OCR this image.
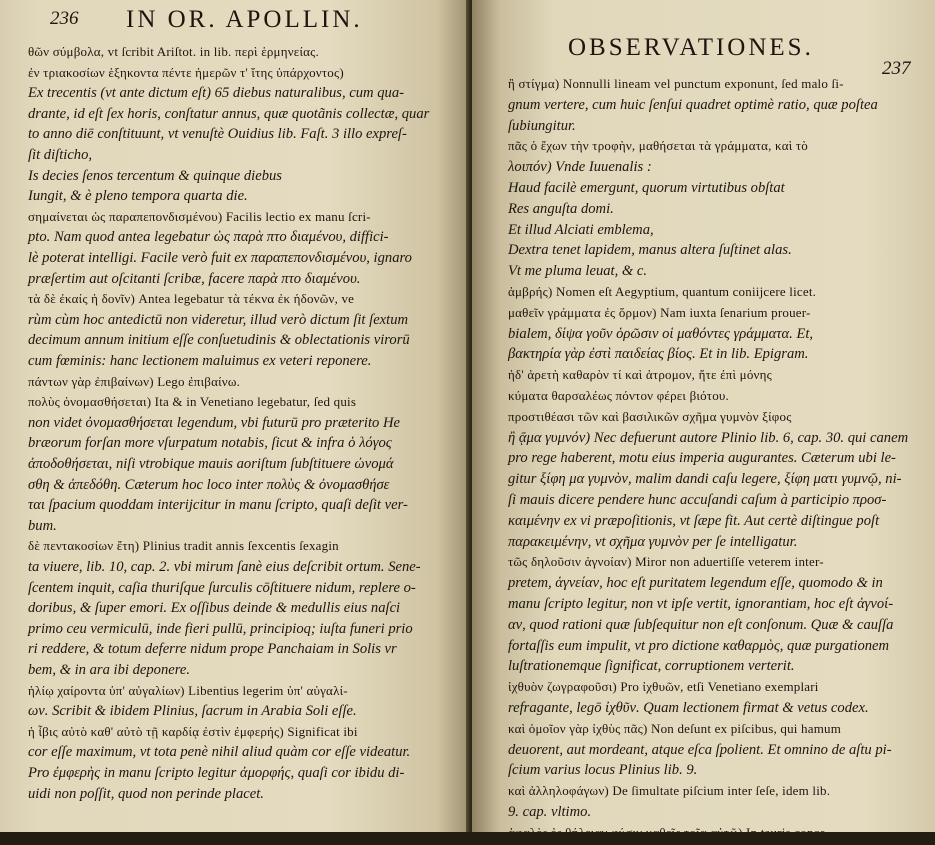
236 IN OR. APOLLIN.
θῶν σύμβολα, vt ſcribit Ariſtot. in lib. περὶ ἑρμηνείας.
ἐν τριακοσίων ἑξηκοντα πέντε ἡμερῶν τ' ἴτης ὑπάρχοντος)
Ex trecentis (vt ante dictum eſt) 65 diebus naturalibus, cum qua-
drante, id eſt ſex horis, conſtatur annus, quæ quotãnis collectæ, quar
to anno diē conſtituunt, vt venuſtè Ouidius lib. Faſt. 3 illo expreſ-
ſit diſticho,
Is decies ſenos tercentum & quinque diebus
Iungit, & è pleno tempora quarta die.
σημαίνεται ὡς παραπεπονδισμένου) Facilis lectio ex manu ſcri-
pto. Nam quod antea legebatur ὡς παρὰ πτο διαμένου, diffici-
lè poterat intelligi. Facile verò fuit ex παραπεπονδισμένου, ignaro
præſertim aut oſcitanti ſcribæ, facere παρὰ πτο διαμένου.
τὰ δὲ ἐκαίς ἡ δονῖν) Antea legebatur τὰ τέκνα ἐκ ἡδονῶν, ve
rùm cùm hoc antedictū non videretur, illud verò dictum ſit ſextum
decimum annum initium eſſe conſuetudinis & oblectationis virorū
cum fœminis: hanc lectionem maluimus ex veteri reponere.
πάντων γὰρ ἐπιβαίνων) Lego ἐπιβαίνω.
πολὺς ὀνομασθήσεται) Ita & in Venetiano legebatur, ſed quis
non videt ὀνομασθήσεται legendum, vbi futurū pro præterito He
bræorum forſan more vſurpatum notabis, ſicut & infra ὁ λόγος
ἀποδοθήσεται, niſi vtrobique mauis aoriſtum ſubſtituere ὠνομά
σθη & ἀπεδόθη. Cæterum hoc loco inter πολὺς & ὀνομασθήσε
ται ſpacium quoddam interijcitur in manu ſcripto, quaſi deſit ver-
bum.
δὲ πεντακοσίων ἔτη) Plinius tradit annis ſexcentis ſexagin
ta viuere, lib. 10, cap. 2. vbi mirum ſanè eius deſcribit ortum. Sene-
ſcentem inquit, caſia thuriſque ſurculis cōſtituere nidum, replere o-
doribus, & ſuper emori. Ex oſſibus deinde & medullis eius naſci
primo ceu vermiculū, inde fieri pullū, principioq; iuſta funeri prio
ri reddere, & totum deferre nidum prope Panchaiam in Solis vr
bem, & in ara ibi deponere.
ἡλίῳ χαίροντα ὑπ' αὐγαλίων) Libentius legerim ὑπ' αὐγαλί-
ων. Scribit & ibidem Plinius, ſacrum in Arabia Soli eſſe.
ἡ ἶβις αὐτὸ καθ' αὐτὸ τῇ καρδίᾳ ἐστὶν ἐμφερής) Significat ibi
cor eſſe maximum, vt tota penè nihil aliud quàm cor eſſe videatur.
Pro ἐμφερὴς in manu ſcripto legitur ἀμορφής, quaſi cor ibidu di-
uidi non poſſit, quod non perinde placet.
OBSERVATIONES.
237
ἢ στίγμα) Nonnulli lineam vel punctum exponunt, ſed malo ſi-
gnum vertere, cum huic ſenſui quadret optimè ratio, quæ poſtea
ſubiungitur.
πᾶς ὁ ἔχων τὴν τροφὴν, μαθήσεται τὰ γράμματα, καὶ τὸ
λοιπόν) Vnde Iuuenalis :
Haud facilè emergunt, quorum virtutibus obſtat
Res anguſta domi.
Et illud Alciati emblema,
Dextra tenet lapidem, manus altera ſuſtinet alas.
Vt me pluma leuat, & c.
ἀμβρής) Nomen eſt Aegyptium, quantum coniijcere licet.
μαθεῖν γράμματα ἐς ὅρμον) Nam iuxta ſenarium prouer-
bialem, δίψα γοῦν ὁρῶσιν οἱ μαθόντες γράμματα. Et,
βακτηρία γὰρ ἐστὶ παιδείας βίος. Et in lib. Epigram.
ἠδ' ἀρετὴ καθαρὸν τί καὶ ἀτρομον, ἥτε ἐπὶ μόνης
κύματα θαρσαλέως πόντον φέρει βιότου.
προστιθέασι τῶν καὶ βασιλικῶν σχῆμα γυμνὸν ξίφος
ἢ ᾷμα γυμνόν) Nec defuerunt autore Plinio lib. 6, cap. 30. qui canem
pro rege haberent, motu eius imperia augurantes. Cæterum ubi le-
gitur ξίφη μα γυμνὸν, malim dandi caſu legere, ξίφη ματι γυμνῷ, ni-
ſi mauis dicere pendere hunc accuſandi caſum à participio προσ-
καιμένην ex vi præpoſitionis, vt ſæpe fit. Aut certè diſtingue poſt
παρακειμένην, vt σχῆμα γυμνὸν per ſe intelligatur.
τῶς δηλοῦσιν ἀγνοίαν) Miror non aduertiſſe veterem inter-
pretem, ἁγνείαν, hoc eſt puritatem legendum eſſe, quomodo & in
manu ſcripto legitur, non vt ipſe vertit, ignorantiam, hoc eſt ἀγνοί-
αν, quod rationi quæ ſubſequitur non eſt conſonum. Quæ & cauſſa
fortaſſis eum impulit, vt pro dictione καθαρμὸς, quæ purgationem
luſtrationemque ſignificat, corruptionem verterit.
ἰχθυὸν ζωγραφοῦσι) Pro ἰχθυῶν, etſi Venetiano exemplari
refragante, legō ἰχθῦν. Quam lectionem firmat & vetus codex.
καὶ ὁμοῖον γὰρ ἰχθὺς πᾶς) Non deſunt ex piſcibus, qui hamum
deuorent, aut mordeant, atque eſca ſpolient. Et omnino de aſtu pi-
ſcium varius locus Plinius lib. 9.
καὶ ἀλληλοφάγων) De ſimultate piſcium inter ſeſe, idem lib.
9. cap. vltimo.
